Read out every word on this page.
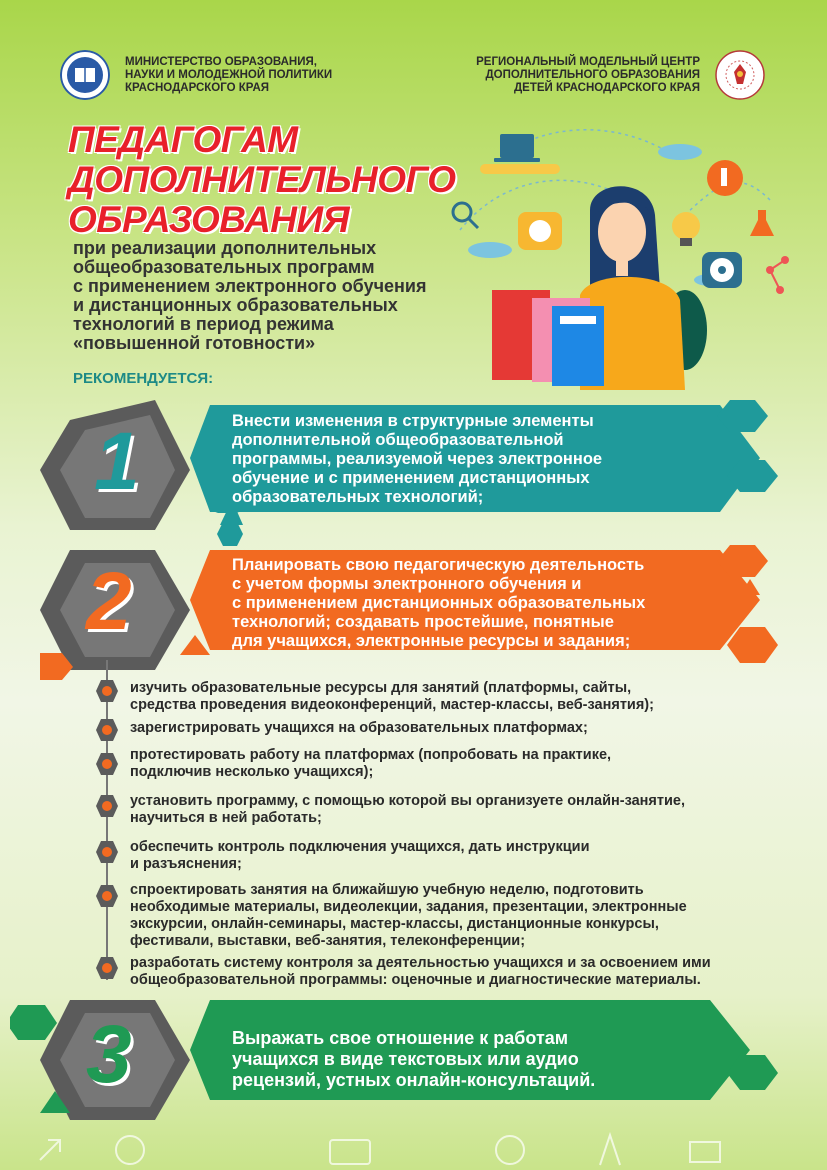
МИНИСТЕРСТВО ОБРАЗОВАНИЯ,
НАУКИ И МОЛОДЕЖНОЙ ПОЛИТИКИ
КРАСНОДАРСКОГО КРАЯ
РЕГИОНАЛЬНЫЙ МОДЕЛЬНЫЙ ЦЕНТР
ДОПОЛНИТЕЛЬНОГО ОБРАЗОВАНИЯ
ДЕТЕЙ КРАСНОДАРСКОГО КРАЯ
ПЕДАГОГАМ
ДОПОЛНИТЕЛЬНОГО
ОБРАЗОВАНИЯ
при реализации дополнительных
общеобразовательных программ
с применением электронного обучения
и дистанционных образовательных
технологий в период режима
«повышенной готовности»
РЕКОМЕНДУЕТСЯ:
1	Внести изменения в структурные элементы
дополнительной общеобразовательной
программы, реализуемой через электронное
обучение и с применением дистанционных
образовательных технологий;
2	Планировать свою педагогическую деятельность
с учетом формы электронного обучения и
с применением дистанционных образовательных
технологий; создавать простейшие, понятные
для учащихся, электронные ресурсы и задания;
изучить образовательные ресурсы для занятий (платформы, сайты,
средства проведения видеоконференций, мастер-классы, веб-занятия);
зарегистрировать учащихся на образовательных платформах;
протестировать работу на платформах (попробовать на практике,
подключив несколько учащихся);
установить программу, с помощью которой вы организуете онлайн-занятие,
научиться в ней работать;
обеспечить контроль подключения учащихся, дать инструкции
и разъяснения;
спроектировать занятия на ближайшую учебную неделю, подготовить
необходимые материалы, видеолекции, задания, презентации, электронные
экскурсии, онлайн-семинары, мастер-классы, дистанционные конкурсы,
фестивали, выставки, веб-занятия, телеконференции;
разработать систему контроля за деятельностью учащихся и за освоением ими
общеобразовательной программы: оценочные и диагностические материалы.
3	Выражать свое отношение к работам
учащихся в виде текстовых или аудио
рецензий, устных онлайн-консультаций.
